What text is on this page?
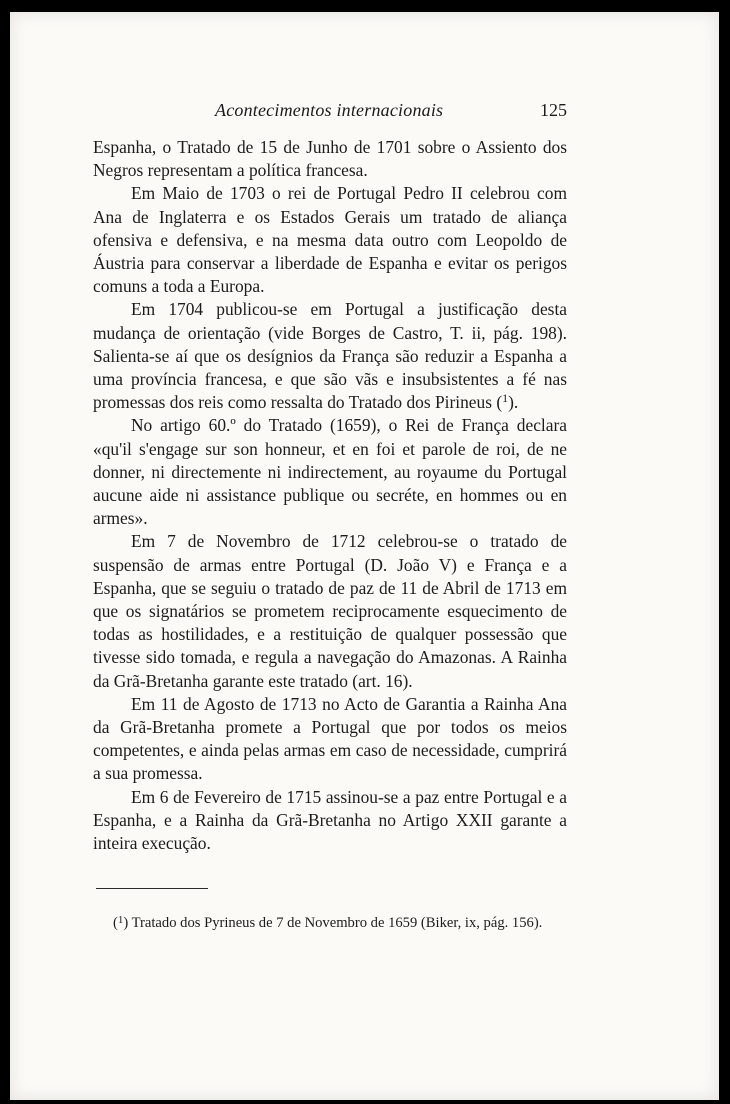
Acontecimentos internacionais	125

Espanha, o Tratado de 15 de Junho de 1701 sobre o Assiento dos Negros representam a política francesa.

Em Maio de 1703 o rei de Portugal Pedro II celebrou com Ana de Inglaterra e os Estados Gerais um tratado de aliança ofensiva e defensiva, e na mesma data outro com Leopoldo de Áustria para conservar a liberdade de Espanha e evitar os perigos comuns a toda a Europa.

Em 1704 publicou-se em Portugal a justificação desta mudança de orientação (vide Borges de Castro, T. ii, pág. 198). Salienta-se aí que os desígnios da França são reduzir a Espanha a uma província francesa, e que são vãs e insubsistentes a fé nas promessas dos reis como ressalta do Tratado dos Pirineus ($^1$).

No artigo 60.º do Tratado (1659), o Rei de França declara «qu'il s'engage sur son honneur, et en foi et parole de roi, de ne donner, ni directemente ni indirectement, au royaume du Portugal aucune aide ni assistance publique ou secréte, en hommes ou en armes».

Em 7 de Novembro de 1712 celebrou-se o tratado de suspensão de armas entre Portugal (D. João V) e França e a Espanha, que se seguiu o tratado de paz de 11 de Abril de 1713 em que os signatários se prometem reciprocamente esquecimento de todas as hostilidades, e a restituição de qualquer possessão que tivesse sido tomada, e regula a navegação do Amazonas. A Rainha da Grã-Bretanha garante este tratado (art. 16).

Em 11 de Agosto de 1713 no Acto de Garantia a Rainha Ana da Grã-Bretanha promete a Portugal que por todos os meios competentes, e ainda pelas armas em caso de necessidade, cumprirá a sua promessa.

Em 6 de Fevereiro de 1715 assinou-se a paz entre Portugal e a Espanha, e a Rainha da Grã-Bretanha no Artigo XXII garante a inteira execução.

($^1$) Tratado dos Pyrineus de 7 de Novembro de 1659 (Biker, ix, pág. 156).
